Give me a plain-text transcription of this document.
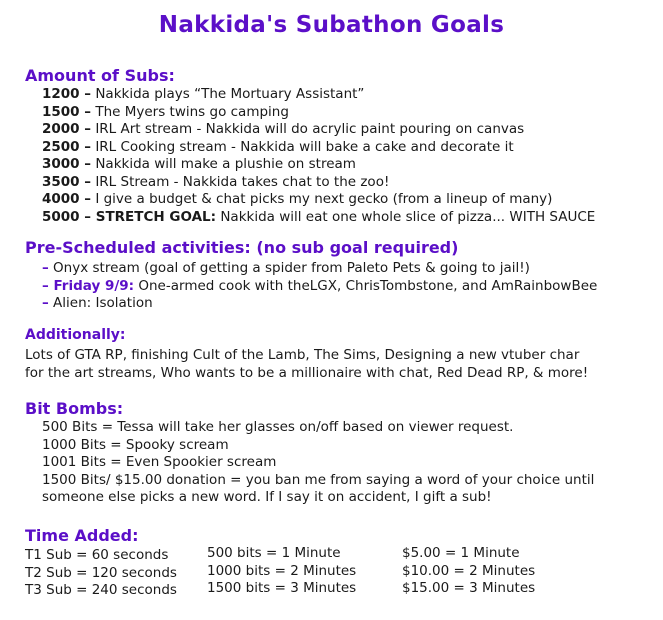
Nakkida's Subathon Goals
Amount of Subs:
1200 – Nakkida plays “The Mortuary Assistant”
1500 – The Myers twins go camping
2000 – IRL Art stream - Nakkida will do acrylic paint pouring on canvas
2500 – IRL Cooking stream - Nakkida will bake a cake and decorate it
3000 – Nakkida will make a plushie on stream
3500 – IRL Stream - Nakkida takes chat to the zoo!
4000 – I give a budget & chat picks my next gecko (from a lineup of many)
5000 – STRETCH GOAL: Nakkida will eat one whole slice of pizza... WITH SAUCE
Pre-Scheduled activities: (no sub goal required)
– Onyx stream (goal of getting a spider from Paleto Pets & going to jail!)
– Friday 9/9: One-armed cook with theLGX, ChrisTombstone, and AmRainbowBee
– Alien: Isolation
Additionally:
Lots of GTA RP, finishing Cult of the Lamb, The Sims, Designing a new vtuber char
for the art streams, Who wants to be a millionaire with chat, Red Dead RP, & more!
Bit Bombs:
500 Bits = Tessa will take her glasses on/off based on viewer request.
1000 Bits = Spooky scream
1001 Bits = Even Spookier scream
1500 Bits/ $15.00 donation = you ban me from saying a word of your choice until
someone else picks a new word. If I say it on accident, I gift a sub!
Time Added:
T1 Sub = 60 seconds
T2 Sub = 120 seconds
T3 Sub = 240 seconds
500 bits = 1 Minute
1000 bits = 2 Minutes
1500 bits = 3 Minutes
$5.00 = 1 Minute
$10.00 = 2 Minutes
$15.00 = 3 Minutes
